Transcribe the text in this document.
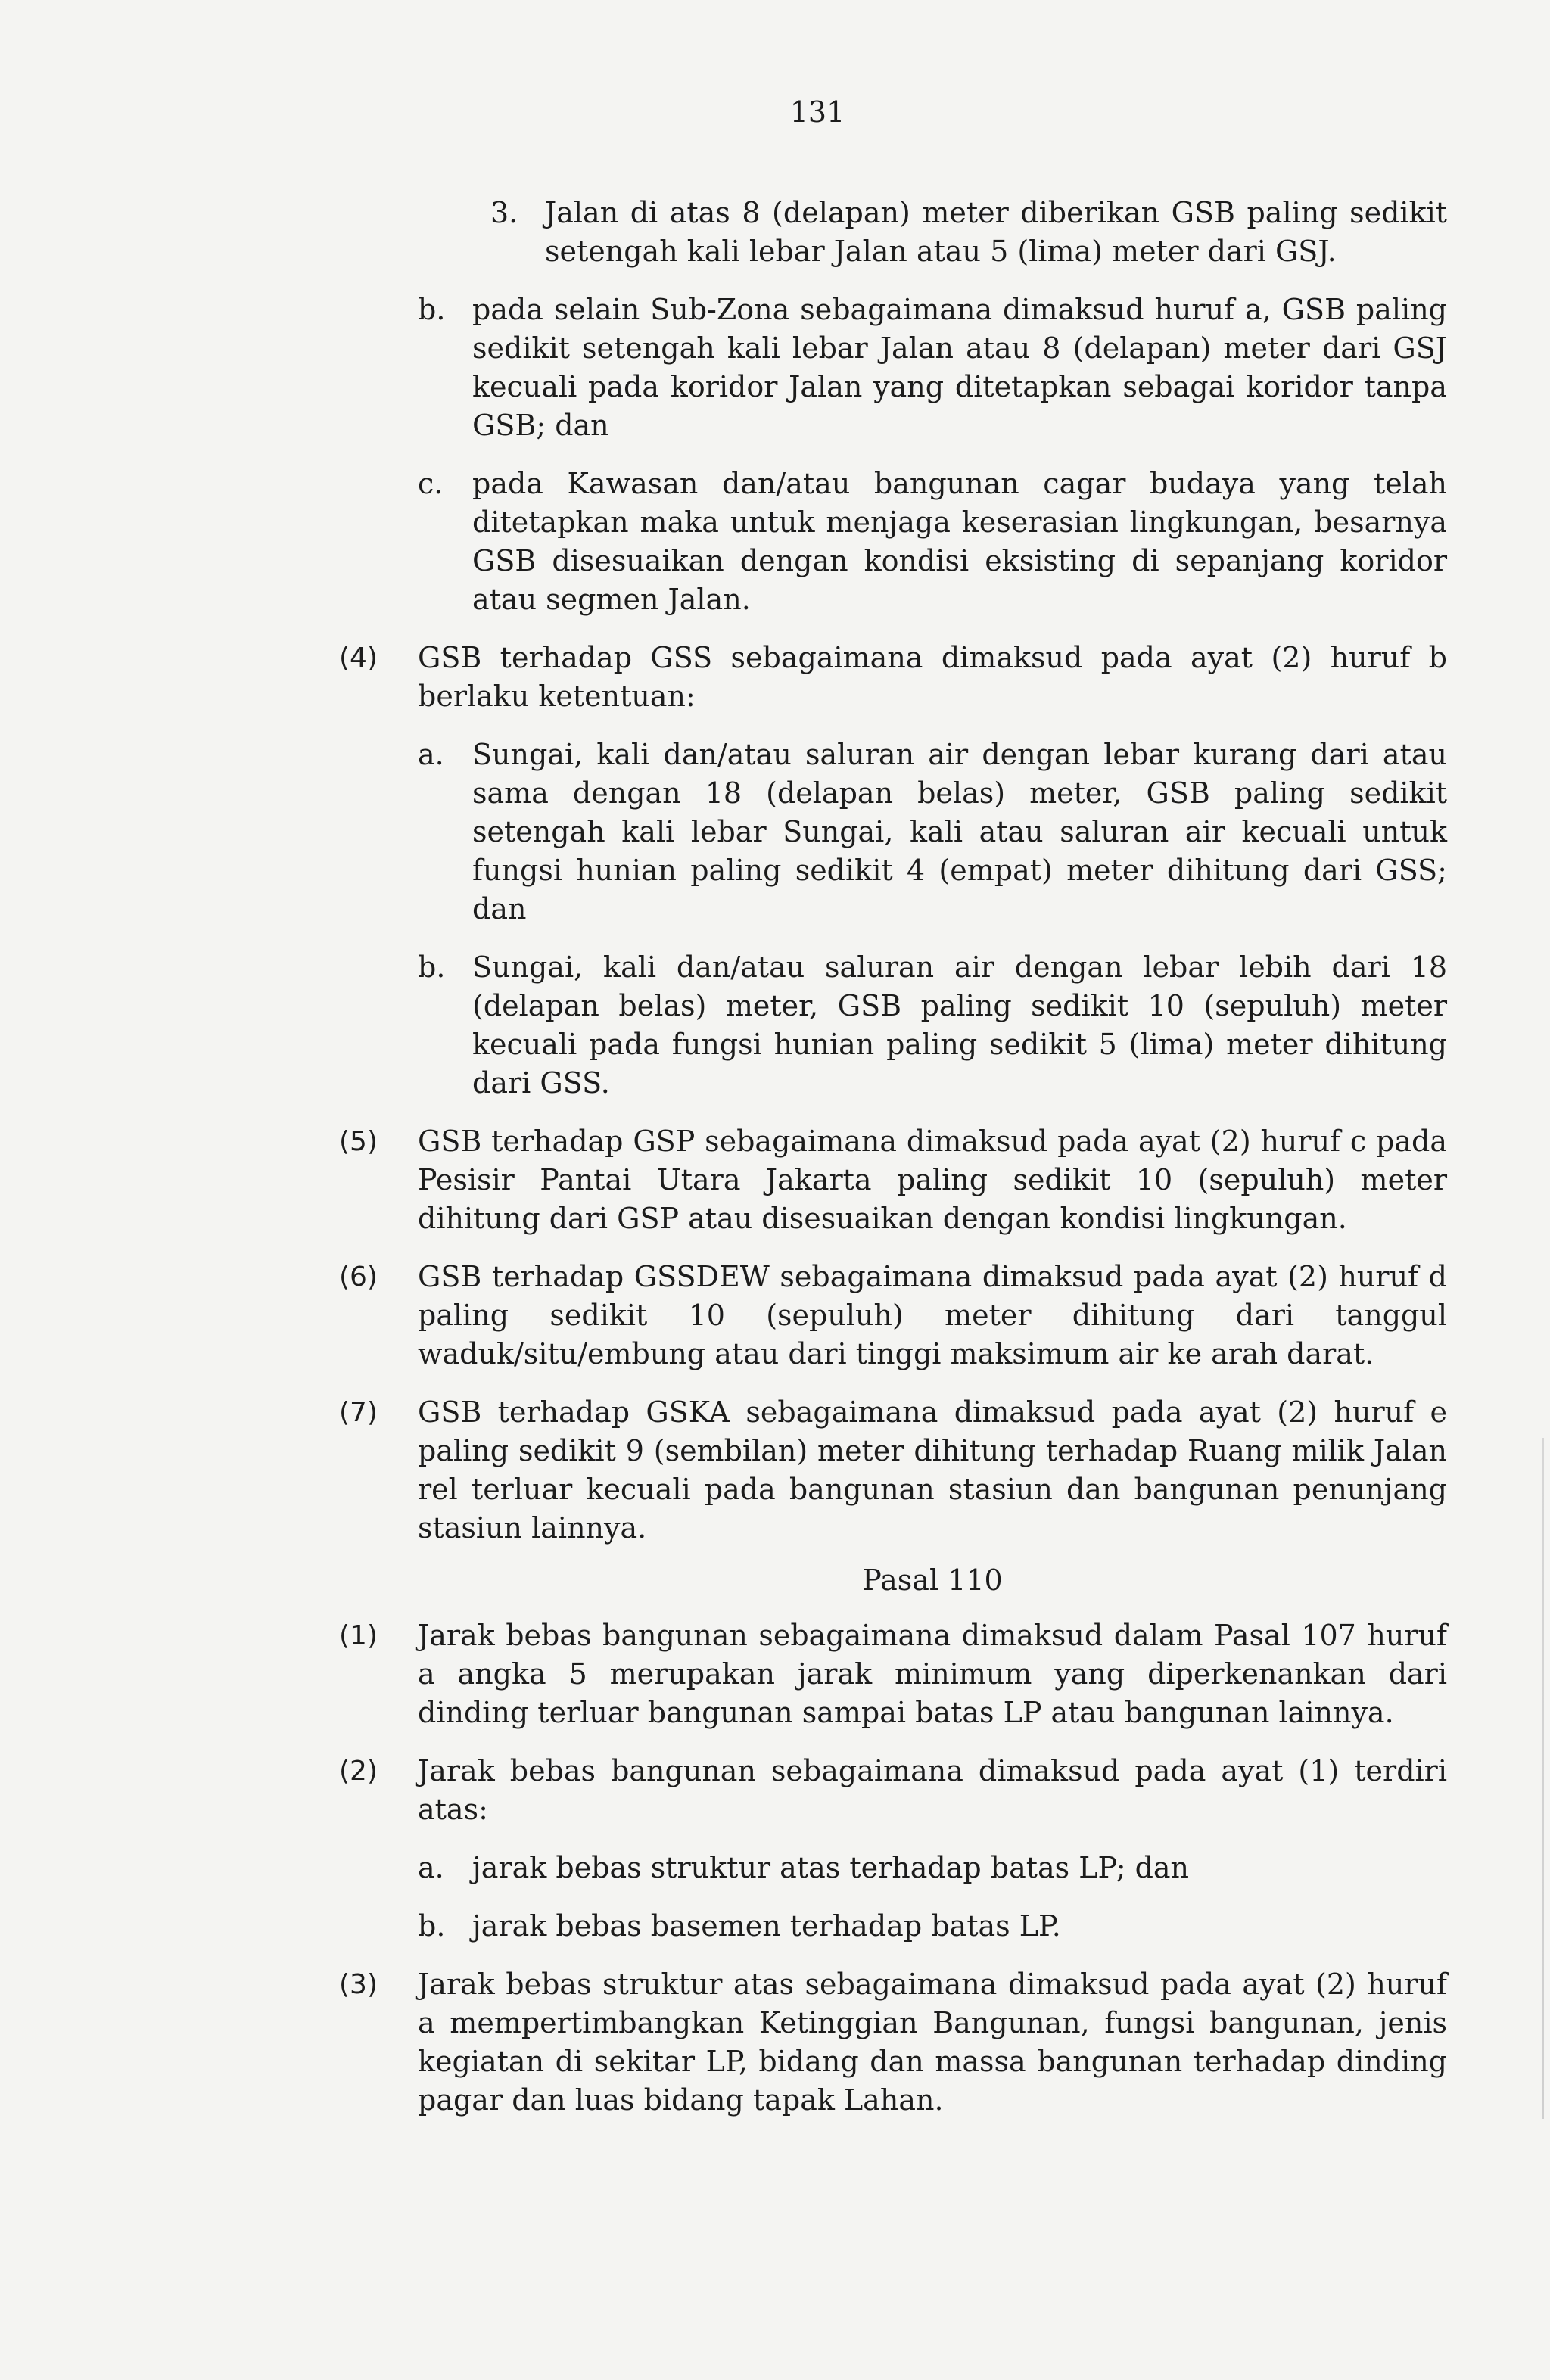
131
3. Jalan di atas 8 (delapan) meter diberikan GSB paling sedikit setengah kali lebar Jalan atau 5 (lima) meter dari GSJ.
b. pada selain Sub-Zona sebagaimana dimaksud huruf a, GSB paling sedikit setengah kali lebar Jalan atau 8 (delapan) meter dari GSJ kecuali pada koridor Jalan yang ditetapkan sebagai koridor tanpa GSB; dan
c. pada Kawasan dan/atau bangunan cagar budaya yang telah ditetapkan maka untuk menjaga keserasian lingkungan, besarnya GSB disesuaikan dengan kondisi eksisting di sepanjang koridor atau segmen Jalan.
(4)	GSB terhadap GSS sebagaimana dimaksud pada ayat (2) huruf b berlaku ketentuan:
a. Sungai, kali dan/atau saluran air dengan lebar kurang dari atau sama dengan 18 (delapan belas) meter, GSB paling sedikit setengah kali lebar Sungai, kali atau saluran air kecuali untuk fungsi hunian paling sedikit 4 (empat) meter dihitung dari GSS; dan
b. Sungai, kali dan/atau saluran air dengan lebar lebih dari 18 (delapan belas) meter, GSB paling sedikit 10 (sepuluh) meter kecuali pada fungsi hunian paling sedikit 5 (lima) meter dihitung dari GSS.
(5)	GSB terhadap GSP sebagaimana dimaksud pada ayat (2) huruf c pada Pesisir Pantai Utara Jakarta paling sedikit 10 (sepuluh) meter dihitung dari GSP atau disesuaikan dengan kondisi lingkungan.
(6)	GSB terhadap GSSDEW sebagaimana dimaksud pada ayat (2) huruf d paling sedikit 10 (sepuluh) meter dihitung dari tanggul waduk/situ/embung atau dari tinggi maksimum air ke arah darat.
(7)	GSB terhadap GSKA sebagaimana dimaksud pada ayat (2) huruf e paling sedikit 9 (sembilan) meter dihitung terhadap Ruang milik Jalan rel terluar kecuali pada bangunan stasiun dan bangunan penunjang stasiun lainnya.
Pasal 110
(1)	Jarak bebas bangunan sebagaimana dimaksud dalam Pasal 107 huruf a angka 5 merupakan jarak minimum yang diperkenankan dari dinding terluar bangunan sampai batas LP atau bangunan lainnya.
(2)	Jarak bebas bangunan sebagaimana dimaksud pada ayat (1) terdiri atas:
a. jarak bebas struktur atas terhadap batas LP; dan
b. jarak bebas basemen terhadap batas LP.
(3)	Jarak bebas struktur atas sebagaimana dimaksud pada ayat (2) huruf a mempertimbangkan Ketinggian Bangunan, fungsi bangunan, jenis kegiatan di sekitar LP, bidang dan massa bangunan terhadap dinding pagar dan luas bidang tapak Lahan.
